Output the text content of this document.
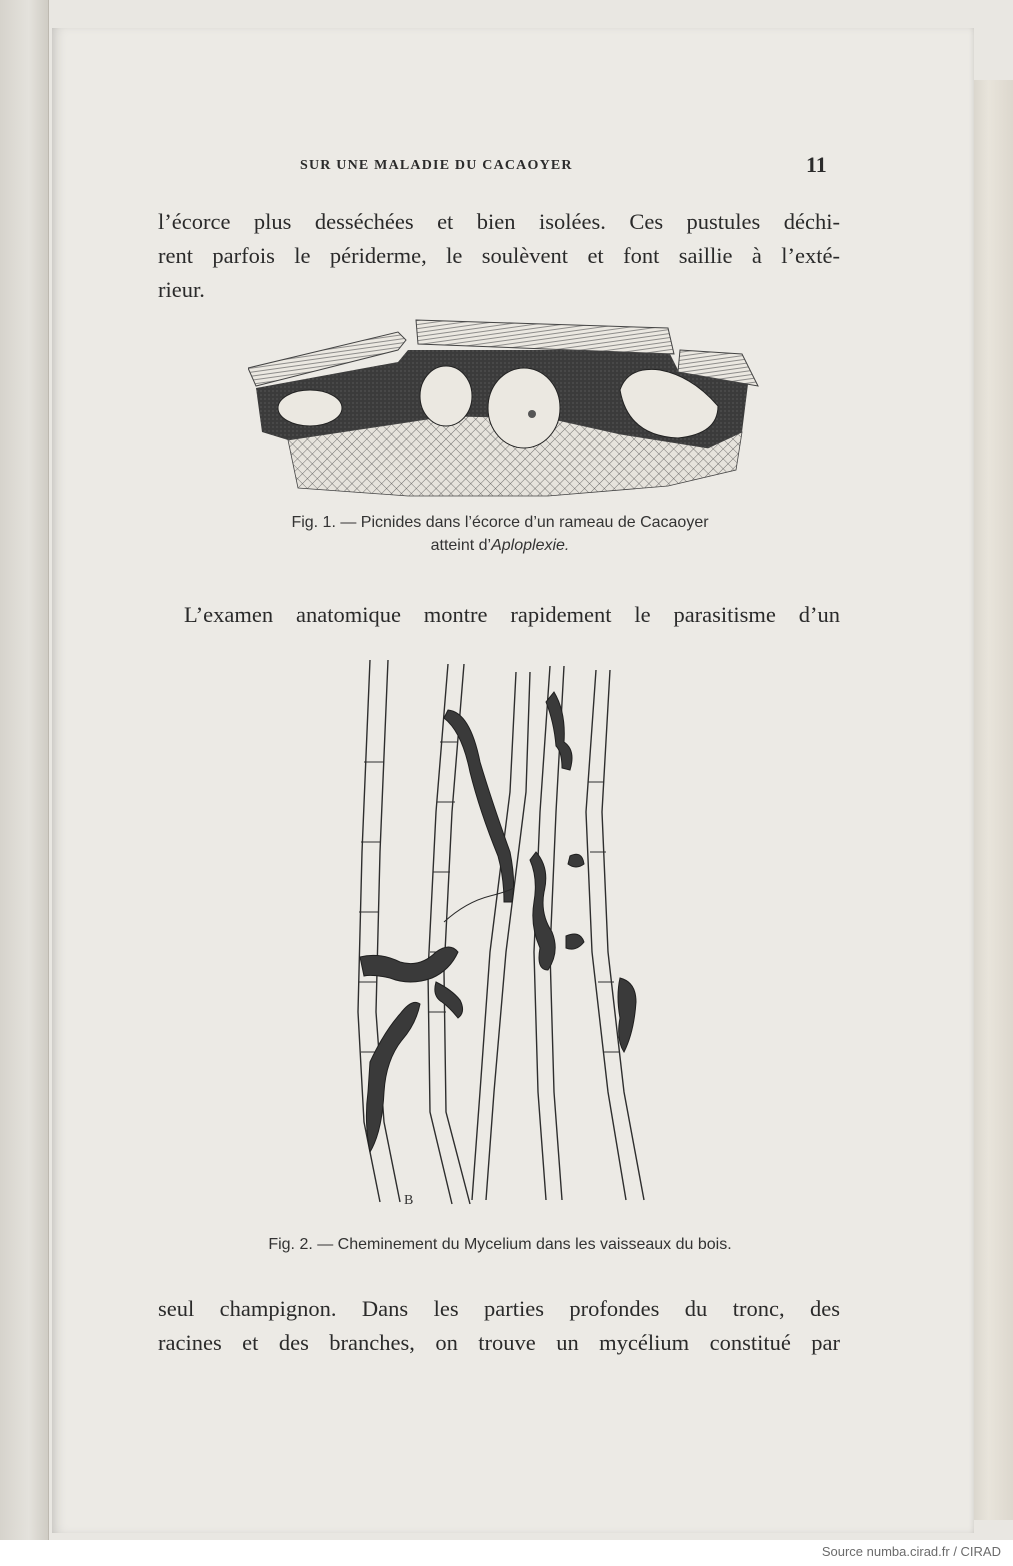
SUR UNE MALADIE DU CACAOYER	11
l’écorce plus desséchées et bien isolées. Ces pustules déchi-
rent parfois le périderme, le soulèvent et font saillie à l’exté-
rieur.
Fig. 1. — Picnides dans l’écorce d’un rameau de Cacaoyer
atteint d’Aploplexie.
L’examen anatomique montre rapidement le parasitisme d’un
B
Fig. 2. — Cheminement du Mycelium dans les vaisseaux du bois.
seul champignon. Dans les parties profondes du tronc, des
racines et des branches, on trouve un mycélium constitué par
Source numba.cirad.fr / CIRAD
